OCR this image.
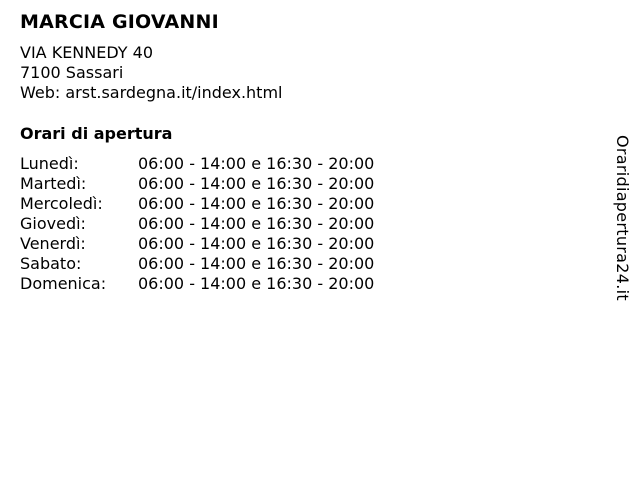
MARCIA GIOVANNI
VIA KENNEDY 40
7100 Sassari
Web: arst.sardegna.it/index.html
Orari di apertura
Lunedì:	06:00 - 14:00 e 16:30 - 20:00
Martedì:	06:00 - 14:00 e 16:30 - 20:00
Mercoledì:	06:00 - 14:00 e 16:30 - 20:00
Giovedì:	06:00 - 14:00 e 16:30 - 20:00
Venerdì:	06:00 - 14:00 e 16:30 - 20:00
Sabato:	06:00 - 14:00 e 16:30 - 20:00
Domenica:	06:00 - 14:00 e 16:30 - 20:00	Oraridiapertura24.it
